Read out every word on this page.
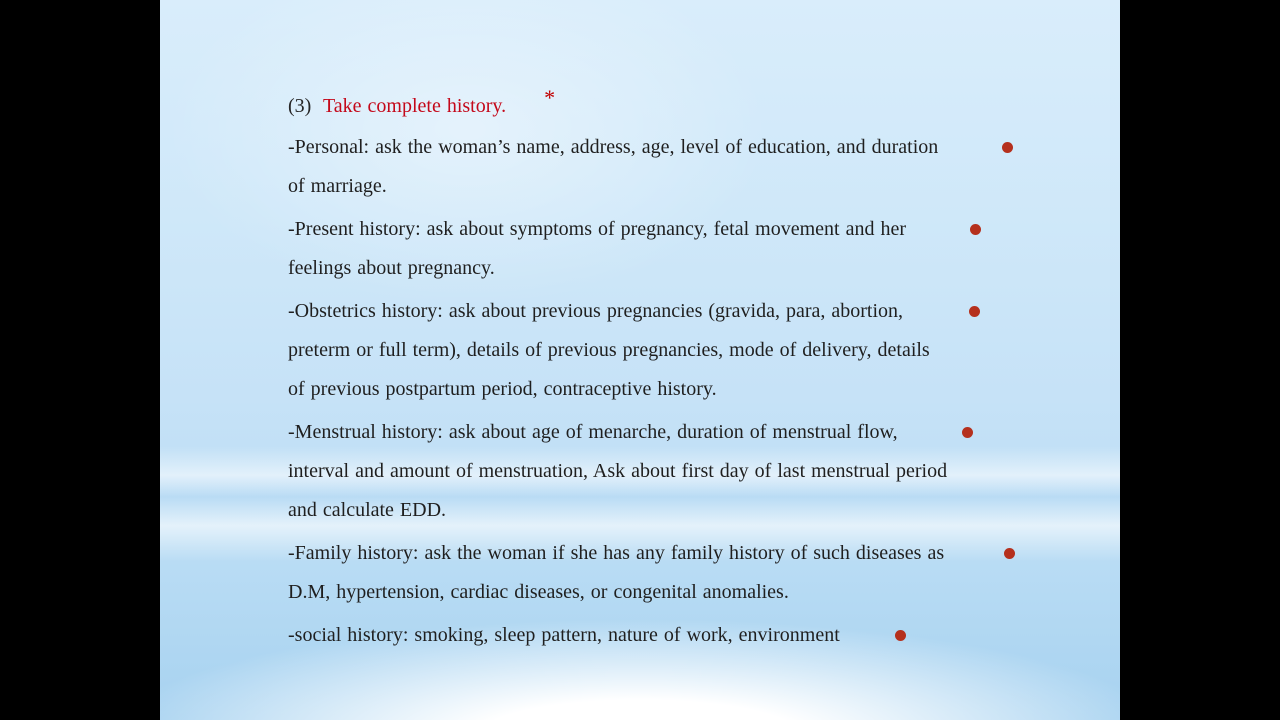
(3) Take complete history. *
-Personal: ask the woman’s name, address, age, level of education, and duration
of marriage.
-Present history: ask about symptoms of pregnancy, fetal movement and her
feelings about pregnancy.
-Obstetrics history: ask about previous pregnancies (gravida, para, abortion,
preterm or full term), details of previous pregnancies, mode of delivery, details
of previous postpartum period, contraceptive history.
-Menstrual history: ask about age of menarche, duration of menstrual flow,
interval and amount of menstruation, Ask about first day of last menstrual period
and calculate EDD.
-Family history: ask the woman if she has any family history of such diseases as
D.M, hypertension, cardiac diseases, or congenital anomalies.
-social history: smoking, sleep pattern, nature of work, environment
